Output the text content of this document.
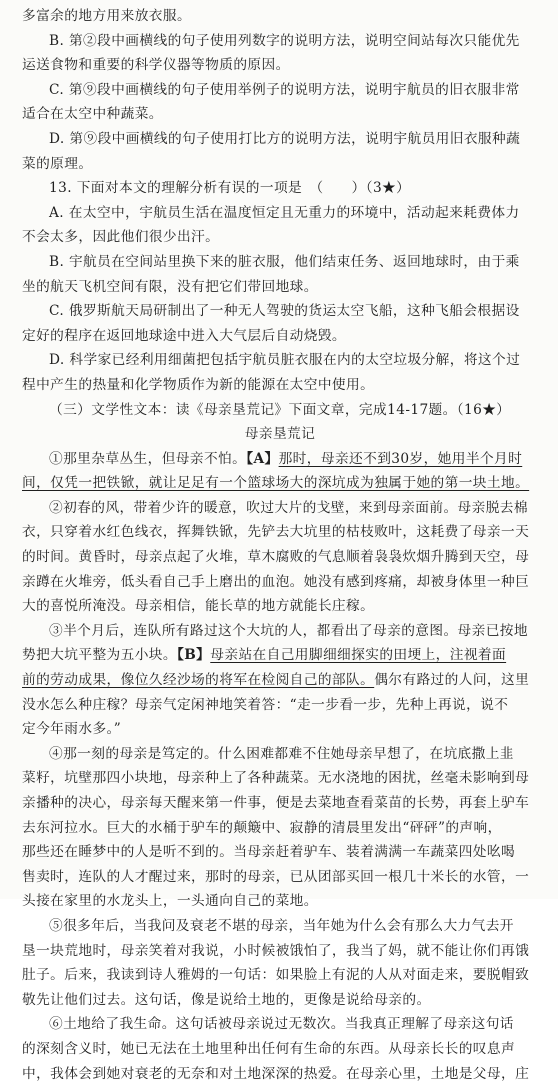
多富余的地方用来放衣服。
B. 第②段中画横线的句子使用列数字的说明方法，说明空间站每次只能优先
运送食物和重要的科学仪器等物质的原因。
C. 第⑨段中画横线的句子使用举例子的说明方法，说明宇航员的旧衣服非常
适合在太空中种蔬菜。
D. 第⑨段中画横线的句子使用打比方的说明方法，说明宇航员用旧衣服种蔬
菜的原理。
13. 下面对本文的理解分析有误的一项是　（　　）（3★）
A. 在太空中，宇航员生活在温度恒定且无重力的环境中，活动起来耗费体力
不会太多，因此他们很少出汗。
B. 宇航员在空间站里换下来的脏衣服，他们结束任务、返回地球时，由于乘
坐的航天飞机空间有限，没有把它们带回地球。
C. 俄罗斯航天局研制出了一种无人驾驶的货运太空飞船，这种飞船会根据设
定好的程序在返回地球途中进入大气层后自动烧毁。
D. 科学家已经利用细菌把包括宇航员脏衣服在内的太空垃圾分解，将这个过
程中产生的热量和化学物质作为新的能源在太空中使用。
（三）文学性文本：读《母亲垦荒记》下面文章，完成14-17题。（16★）
母亲垦荒记
①那里杂草丛生，但母亲不怕。【A】那时，母亲还不到30岁，她用半个月时
间，仅凭一把铁锨，就让足足有一个篮球场大的深坑成为独属于她的第一块土地。
②初春的风，带着少许的暖意，吹过大片的戈壁，来到母亲面前。母亲脱去棉
衣，只穿着水红色线衣，挥舞铁锨，先铲去大坑里的枯枝败叶，这耗费了母亲一天
的时间。黄昏时，母亲点起了火堆，草木腐败的气息顺着袅袅炊烟升腾到天空，母
亲蹲在火堆旁，低头看自己手上磨出的血泡。她没有感到疼痛，却被身体里一种巨
大的喜悦所淹没。母亲相信，能长草的地方就能长庄稼。
③半个月后，连队所有路过这个大坑的人，都看出了母亲的意图。母亲已按地
势把大坑平整为五小块。【B】母亲站在自己用脚细细探实的田埂上，注视着面
前的劳动成果，像位久经沙场的将军在检阅自己的部队。偶尔有路过的人问，这里
没水怎么种庄稼？母亲气定闲神地笑着答：“走一步看一步，先种上再说，说不
定今年雨水多。”
④那一刻的母亲是笃定的。什么困难都难不住她母亲早想了，在坑底撒上韭
菜籽，坑壁那四小块地，母亲种上了各种蔬菜。无水浇地的困扰，丝毫未影响到母
亲播种的决心，母亲每天醒来第一件事，便是去菜地查看菜苗的长势，再套上驴车
去东河拉水。巨大的水桶于驴车的颠簸中、寂静的清晨里发出“砰砰”的声响，
那些还在睡梦中的人是听不到的。当母亲赶着驴车、装着满满一车蔬菜四处吆喝
售卖时，连队的人才醒过来，那时的母亲，已从团部买回一根几十米长的水管，一
头接在家里的水龙头上，一头通向自己的菜地。
⑤很多年后，当我问及衰老不堪的母亲，当年她为什么会有那么大力气去开
垦一块荒地时，母亲笑着对我说，小时候被饿怕了，我当了妈，就不能让你们再饿
肚子。后来，我读到诗人雅姆的一句话：如果脸上有泥的人从对面走来，要脱帽致
敬先让他们过去。这句话，像是说给土地的，更像是说给母亲的。
⑥土地给了我生命。这句话被母亲说过无数次。当我真正理解了母亲这句话
的深刻含义时，她已无法在土地里种出任何有生命的东西。从母亲长长的叹息声
中，我体会到她对衰老的无奈和对土地深深的热爱。在母亲心里，土地是父母，庄
